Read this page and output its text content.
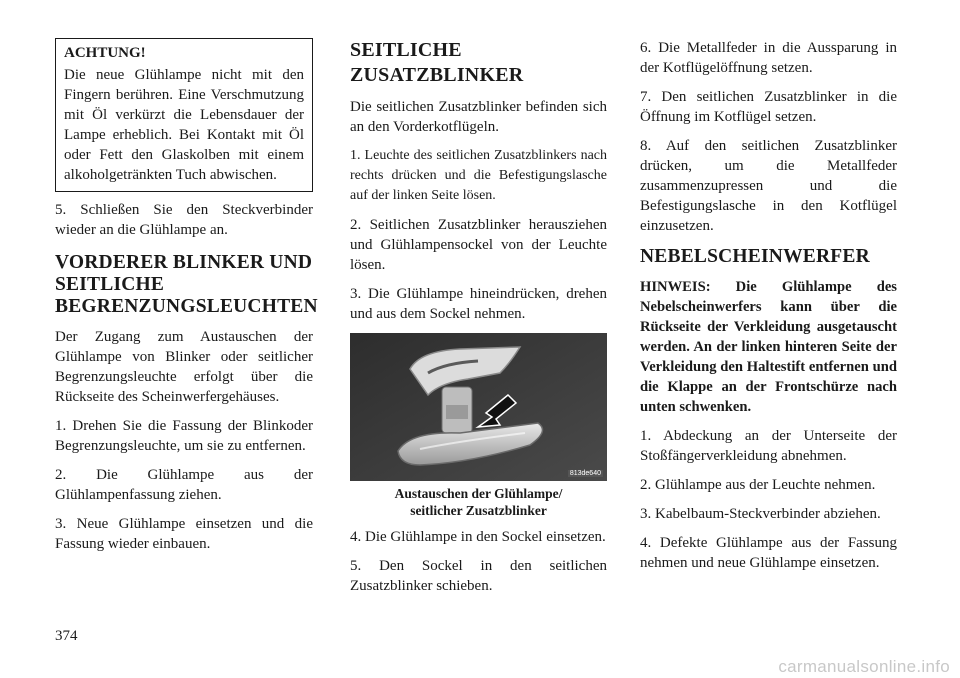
ACHTUNG!

Die neue Glühlampe nicht mit den Fingern berühren. Eine Verschmutzung mit Öl verkürzt die Lebensdauer der Lampe erheblich. Bei Kontakt mit Öl oder Fett den Glaskolben mit einem alkoholgetränkten Tuch abwischen.

5. Schließen Sie den Steckverbinder wieder an die Glühlampe an.

VORDERER BLINKER UND SEITLICHE BEGRENZUNGSLEUCHTEN

Der Zugang zum Austauschen der Glühlampe von Blinker oder seitlicher Begrenzungsleuchte erfolgt über die Rückseite des Scheinwerfergehäuses.

1. Drehen Sie die Fassung der Blinkoder Begrenzungsleuchte, um sie zu entfernen.

2. Die Glühlampe aus der Glühlampenfassung ziehen.

3. Neue Glühlampe einsetzen und die Fassung wieder einbauen.

SEITLICHE ZUSATZBLINKER

Die seitlichen Zusatzblinker befinden sich an den Vorderkotflügeln.

1. Leuchte des seitlichen Zusatzblinkers nach rechts drücken und die Befestigungslasche auf der linken Seite lösen.

2. Seitlichen Zusatzblinker herausziehen und Glühlampensockel von der Leuchte lösen.

3. Die Glühlampe hineindrücken, drehen und aus dem Sockel nehmen.

813de640
Austauschen der Glühlampe/
seitlicher Zusatzblinker

4. Die Glühlampe in den Sockel einsetzen.

5. Den Sockel in den seitlichen Zusatzblinker schieben.

6. Die Metallfeder in die Aussparung in der Kotflügelöffnung setzen.

7. Den seitlichen Zusatzblinker in die Öffnung im Kotflügel setzen.

8. Auf den seitlichen Zusatzblinker drücken, um die Metallfeder zusammenzupressen und die Befestigungslasche in den Kotflügel einzusetzen.

NEBELSCHEINWERFER

HINWEIS: Die Glühlampe des Nebelscheinwerfers kann über die Rückseite der Verkleidung ausgetauscht werden. An der linken hinteren Seite der Verkleidung den Haltestift entfernen und die Klappe an der Frontschürze nach unten schwenken.

1. Abdeckung an der Unterseite der Stoßfängerverkleidung abnehmen.

2. Glühlampe aus der Leuchte nehmen.

3. Kabelbaum-Steckverbinder abziehen.

4. Defekte Glühlampe aus der Fassung nehmen und neue Glühlampe einsetzen.

374
carmanualsonline.info
